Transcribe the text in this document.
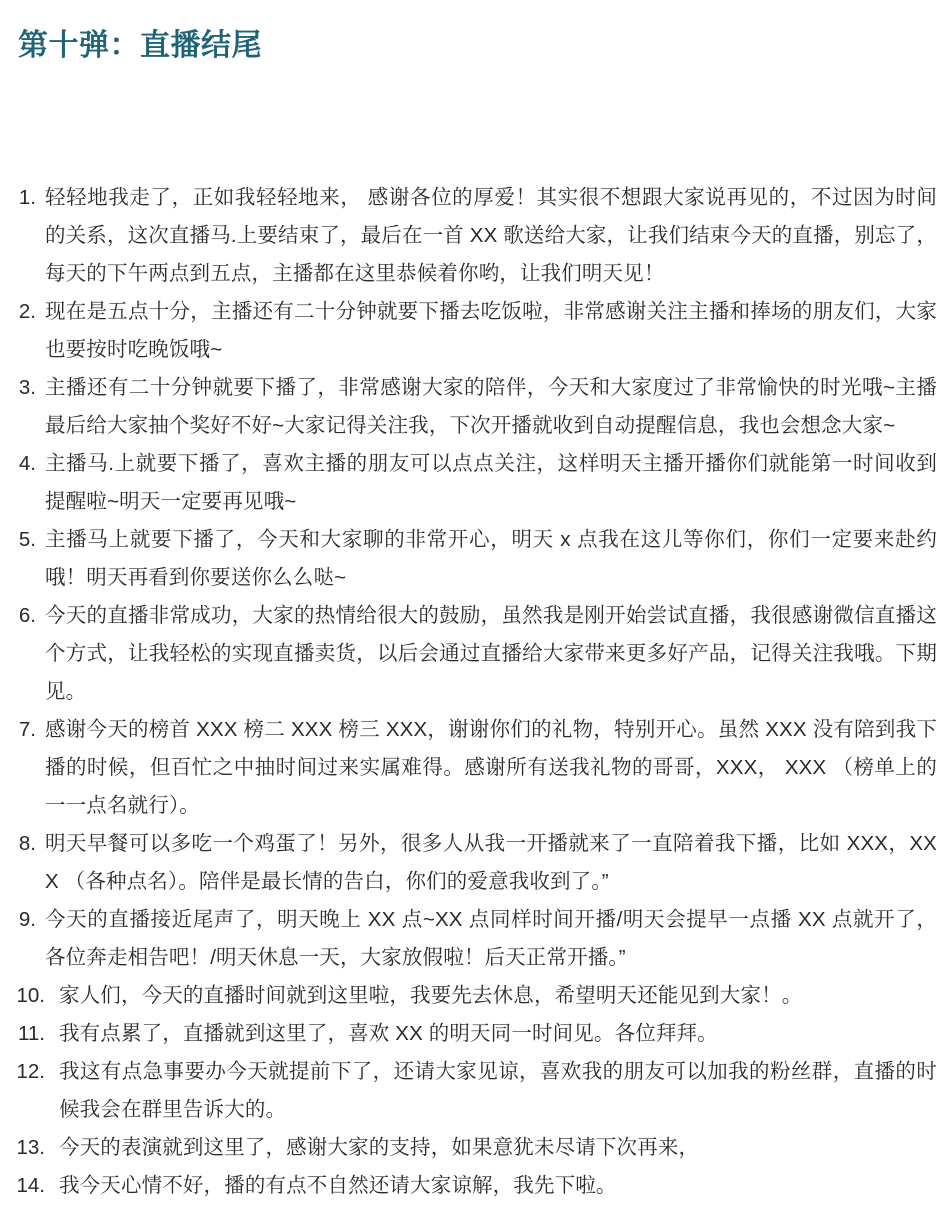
第十弹：直播结尾
1. 轻轻地我走了，正如我轻轻地来， 感谢各位的厚爱！其实很不想跟大家说再见的，不过因为时间的关系，这次直播马.上要结束了，最后在一首 XX 歌送给大家，让我们结束今天的直播，别忘了，每天的下午两点到五点，主播都在这里恭候着你哟，让我们明天见！
2. 现在是五点十分，主播还有二十分钟就要下播去吃饭啦，非常感谢关注主播和捧场的朋友们，大家也要按时吃晚饭哦~
3. 主播还有二十分钟就要下播了，非常感谢大家的陪伴，今天和大家度过了非常愉快的时光哦~主播最后给大家抽个奖好不好~大家记得关注我，下次开播就收到自动提醒信息，我也会想念大家~
4. 主播马.上就要下播了，喜欢主播的朋友可以点点关注，这样明天主播开播你们就能第一时间收到提醒啦~明天一定要再见哦~
5. 主播马上就要下播了，今天和大家聊的非常开心，明天 x 点我在这儿等你们，你们一定要来赴约哦！明天再看到你要送你么么哒~
6. 今天的直播非常成功，大家的热情给很大的鼓励，虽然我是刚开始尝试直播，我很感谢微信直播这个方式，让我轻松的实现直播卖货，以后会通过直播给大家带来更多好产品，记得关注我哦。下期见。
7. 感谢今天的榜首 XXX 榜二 XXX 榜三 XXX，谢谢你们的礼物，特别开心。虽然 XXX 没有陪到我下播的时候，但百忙之中抽时间过来实属难得。感谢所有送我礼物的哥哥，XXX， XXX （榜单上的一一点名就行）。
8. 明天早餐可以多吃一个鸡蛋了！另外，很多人从我一开播就来了一直陪着我下播，比如 XXX，XXX （各种点名）。陪伴是最长情的告白，你们的爱意我收到了。”
9. 今天的直播接近尾声了，明天晚上 XX 点~XX 点同样时间开播/明天会提早一点播 XX 点就开了，各位奔走相告吧！/明天休息一天，大家放假啦！后天正常开播。”
10. 家人们，今天的直播时间就到这里啦，我要先去休息，希望明天还能见到大家！。
11. 我有点累了，直播就到这里了，喜欢 XX 的明天同一时间见。各位拜拜。
12. 我这有点急事要办今天就提前下了，还请大家见谅，喜欢我的朋友可以加我的粉丝群，直播的时候我会在群里告诉大的。
13. 今天的表演就到这里了，感谢大家的支持，如果意犹未尽请下次再来，
14. 我今天心情不好，播的有点不自然还请大家谅解，我先下啦。
